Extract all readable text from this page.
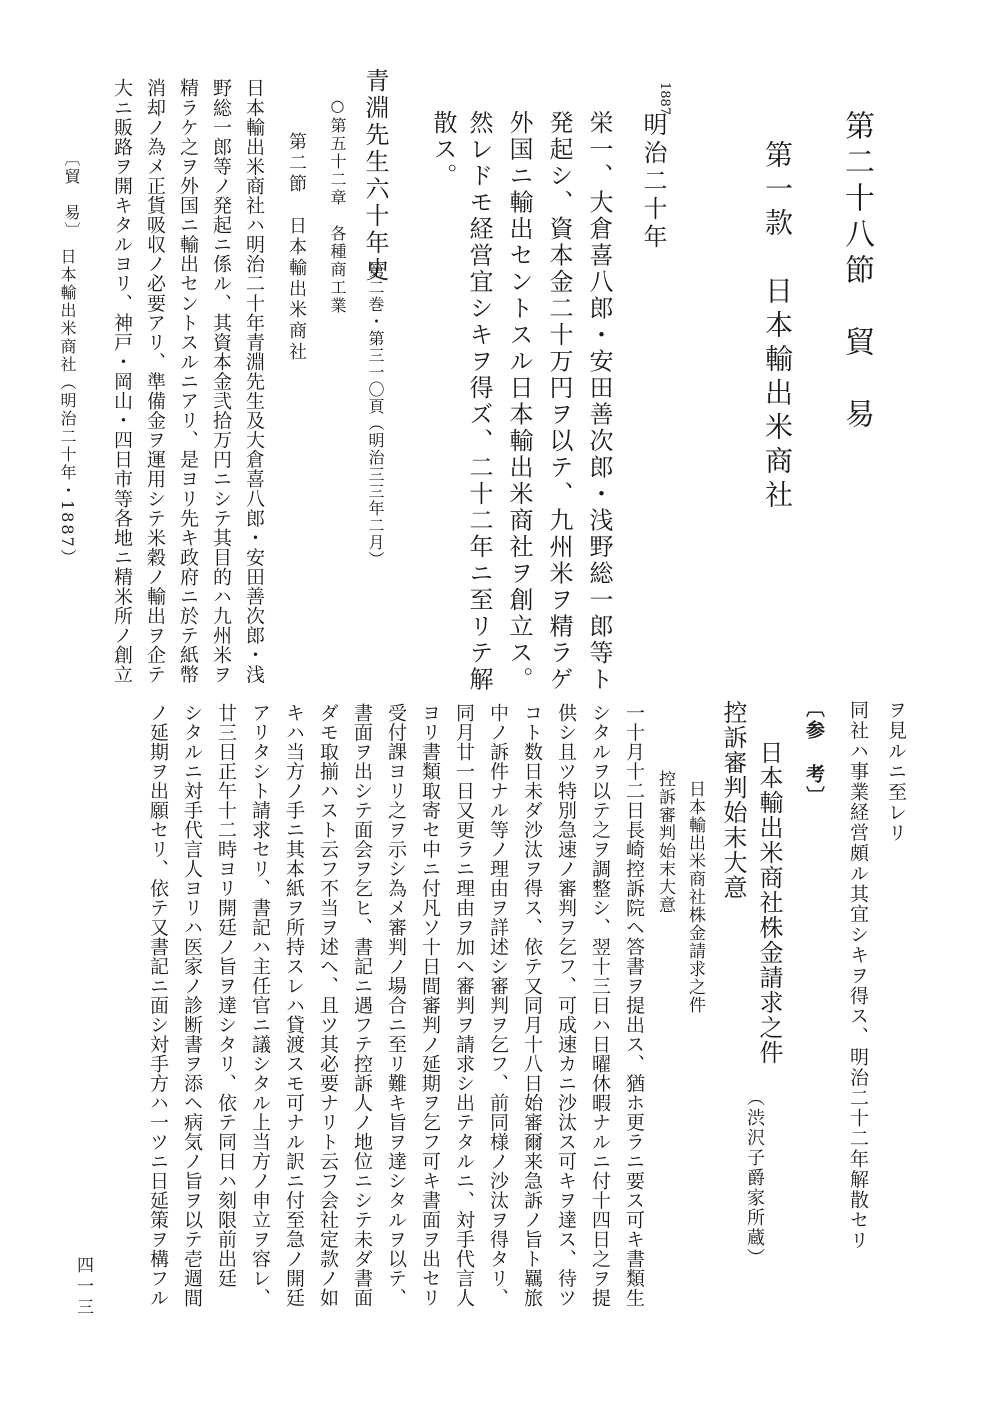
第二十八節　貿　易
第一款　日本輸出米商社
1887
明治二十年
栄一、大倉喜八郎・安田善次郎・浅野総一郎等ト
発起シ、資本金二十万円ヲ以テ、九州米ヲ精ラゲ
外国ニ輸出セントスル日本輸出米商社ヲ創立ス。
然レドモ経営宜シキヲ得ズ、二十二年ニ至リテ解
散ス。
青淵先生六十年史
第二巻・第三一〇頁（明治三三年二月）
○第五十二章　各種商工業
第二節　日本輸出米商社
日本輸出米商社ハ明治二十年青淵先生及大倉喜八郎・安田善次郎・浅
野総一郎等ノ発起ニ係ル、其資本金弐拾万円ニシテ其目的ハ九州米ヲ
精ラケ之ヲ外国ニ輸出セントスルニアリ、是ヨリ先キ政府ニ於テ紙幣
消却ノ為メ正貨吸収ノ必要アリ、準備金ヲ運用シテ米穀ノ輸出ヲ企テ
大ニ販路ヲ開キタルヨリ、神戸・岡山・四日市等各地ニ精米所ノ創立
〔貿　易〕
日本輸出米商社（明治二十年・1887）
ヲ見ルニ至レリ
同社ハ事業経営頗ル其宜シキヲ得ス、明治二十二年解散セリ
〔参　考〕
日本輸出米商社株金請求之件
控訴審判始末大意
（渋沢子爵家所蔵）
日本輸出米商社株金請求之件
控訴審判始末大意
一十月十二日長崎控訴院ヘ答書ヲ提出ス、猶ホ更ラニ要ス可キ書類生
シタルヲ以テ之ヲ調整シ、翌十三日ハ日曜休暇ナルニ付十四日之ヲ提
供シ且ツ特別急速ノ審判ヲ乞フ、可成速カニ沙汰ス可キヲ達ス、待ツ
コト数日未ダ沙汰ヲ得ス、依テ又同月十八日始審爾来急訴ノ旨ト羈旅
中ノ訴件ナル等ノ理由ヲ詳述シ審判ヲ乞フ、前同様ノ沙汰ヲ得タリ、
同月廿一日又更ラニ理由ヲ加ヘ審判ヲ請求シ出テタルニ、対手代言人
ヨリ書類取寄セ中ニ付凡ソ十日間審判ノ延期ヲ乞フ可キ書面ヲ出セリ
受付課ヨリ之ヲ示シ為メ審判ノ場合ニ至リ難キ旨ヲ達シタルヲ以テ、
書面ヲ出シテ面会ヲ乞ヒ、書記ニ遇フテ控訴人ノ地位ニシテ未ダ書面
ダモ取揃ハスト云フ不当ヲ述ヘ、且ツ其必要ナリト云フ会社定款ノ如
キハ当方ノ手ニ其本紙ヲ所持スレハ貸渡スモ可ナル訳ニ付至急ノ開廷
アリタシト請求セリ、書記ハ主任官ニ議シタル上当方ノ申立ヲ容レ、
廿三日正午十二時ヨリ開廷ノ旨ヲ達シタリ、依テ同日ハ刻限前出廷
シタルニ対手代言人ヨリハ医家ノ診断書ヲ添ヘ病気ノ旨ヲ以テ壱週間
ノ延期ヲ出願セリ、依テ又書記ニ面シ対手方ハ一ツニ日延策ヲ構フル
四一三
